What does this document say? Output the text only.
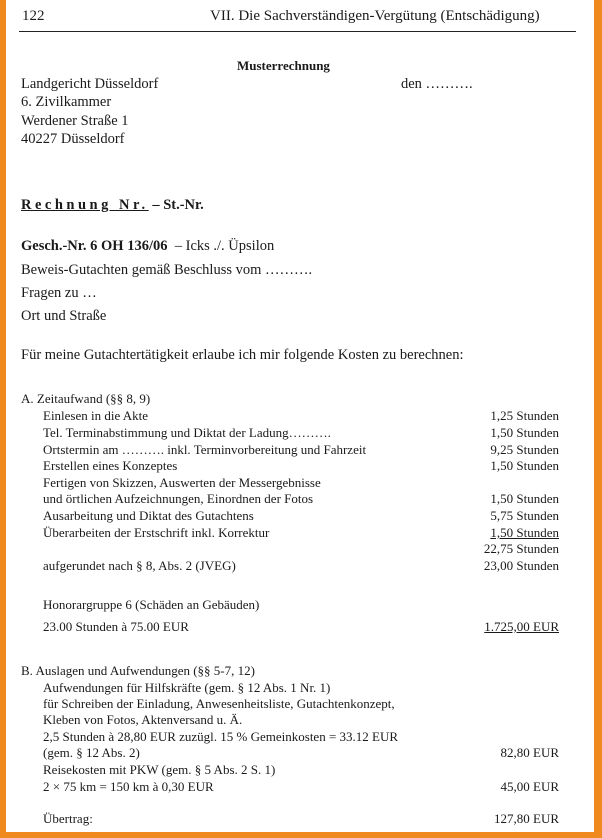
122	VII. Die Sachverständigen-Vergütung (Entschädigung)
Musterrechnung
Landgericht Düsseldorf
6. Zivilkammer
Werdener Straße 1
40227 Düsseldorf
den ……….
Rechnung Nr. – St.-Nr.
Gesch.-Nr. 6 OH 136/06 – Icks ./. Üpsilon
Beweis-Gutachten gemäß Beschluss vom ……….
Fragen zu …
Ort und Straße
Für meine Gutachtertätigkeit erlaube ich mir folgende Kosten zu berechnen:
A. Zeitaufwand (§§ 8, 9)
Einlesen in die Akte	1,25 Stunden
Tel. Terminabstimmung und Diktat der Ladung……….	1,50 Stunden
Ortstermin am ………. inkl. Terminvorbereitung und Fahrzeit	9,25 Stunden
Erstellen eines Konzeptes	1,50 Stunden
Fertigen von Skizzen, Auswerten der Messergebnisse
und örtlichen Aufzeichnungen, Einordnen der Fotos	1,50 Stunden
Ausarbeitung und Diktat des Gutachtens	5,75 Stunden
Überarbeiten der Erstschrift inkl. Korrektur	1,50 Stunden
22,75 Stunden
aufgerundet nach § 8, Abs. 2 (JVEG)	23,00 Stunden
Honorargruppe 6 (Schäden an Gebäuden)
23.00 Stunden à 75.00 EUR	1.725,00 EUR
B. Auslagen und Aufwendungen (§§ 5-7, 12)
Aufwendungen für Hilfskräfte (gem. § 12 Abs. 1 Nr. 1)
für Schreiben der Einladung, Anwesenheitsliste, Gutachtenkonzept,
Kleben von Fotos, Aktenversand u. Ä.
2,5 Stunden à 28,80 EUR zuzügl. 15 % Gemeinkosten = 33.12 EUR
(gem. § 12 Abs. 2)	82,80 EUR
Reisekosten mit PKW (gem. § 5 Abs. 2 S. 1)
2 × 75 km = 150 km à 0,30 EUR	45,00 EUR
Übertrag:	127,80 EUR
